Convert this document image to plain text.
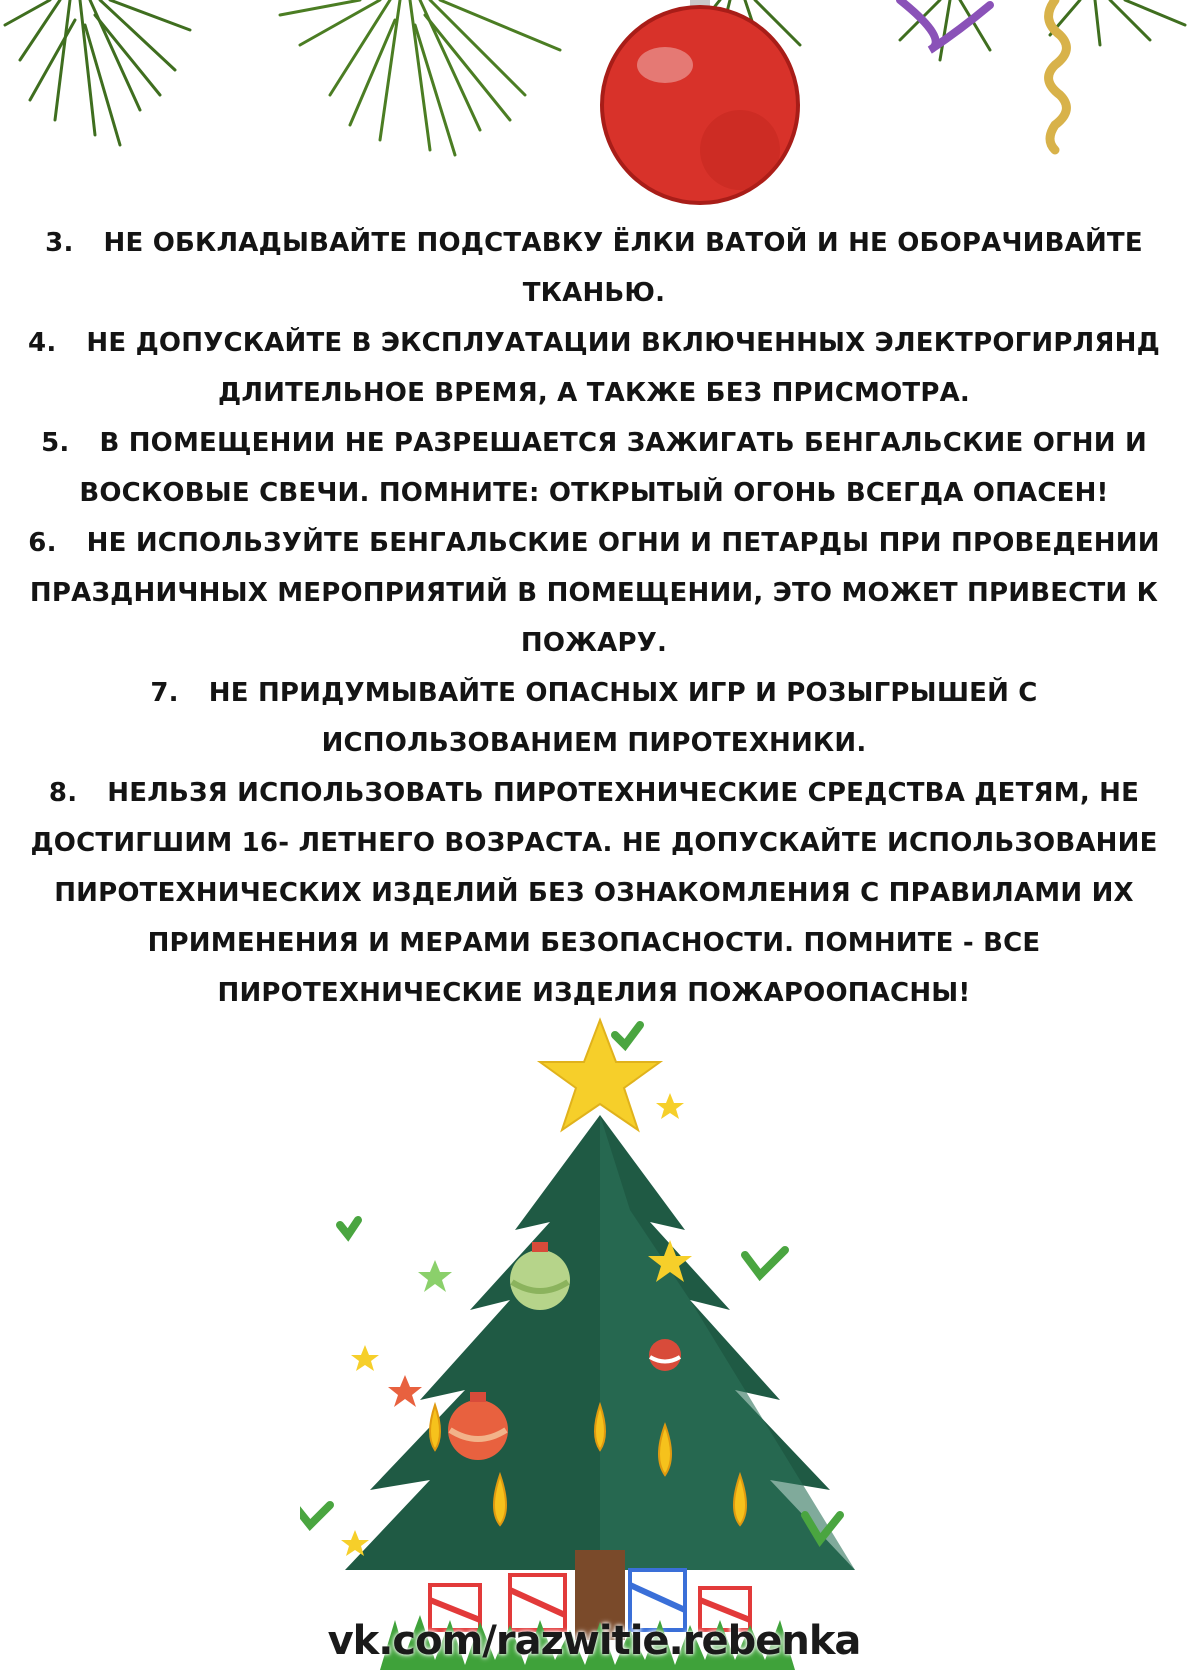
3. НЕ ОБКЛАДЫВАЙТЕ ПОДСТАВКУ ЁЛКИ ВАТОЙ И НЕ ОБОРАЧИВАЙТЕ ТКАНЬЮ.
4. НЕ ДОПУСКАЙТЕ В ЭКСПЛУАТАЦИИ ВКЛЮЧЕННЫХ ЭЛЕКТРОГИРЛЯНД ДЛИТЕЛЬНОЕ ВРЕМЯ, А ТАКЖЕ БЕЗ ПРИСМОТРА.
5. В ПОМЕЩЕНИИ НЕ РАЗРЕШАЕТСЯ ЗАЖИГАТЬ БЕНГАЛЬСКИЕ ОГНИ И ВОСКОВЫЕ СВЕЧИ. ПОМНИТЕ: ОТКРЫТЫЙ ОГОНЬ ВСЕГДА ОПАСЕН!
6. НЕ ИСПОЛЬЗУЙТЕ БЕНГАЛЬСКИЕ ОГНИ И ПЕТАРДЫ ПРИ ПРОВЕДЕНИИ ПРАЗДНИЧНЫХ МЕРОПРИЯТИЙ В ПОМЕЩЕНИИ, ЭТО МОЖЕТ ПРИВЕСТИ К ПОЖАРУ.
7. НЕ ПРИДУМЫВАЙТЕ ОПАСНЫХ ИГР И РОЗЫГРЫШЕЙ С ИСПОЛЬЗОВАНИЕМ ПИРОТЕХНИКИ.
8. НЕЛЬЗЯ ИСПОЛЬЗОВАТЬ ПИРОТЕХНИЧЕСКИЕ СРЕДСТВА ДЕТЯМ, НЕ ДОСТИГШИМ 16- ЛЕТНЕГО ВОЗРАСТА. НЕ ДОПУСКАЙТЕ ИСПОЛЬЗОВАНИЕ ПИРОТЕХНИЧЕСКИХ ИЗДЕЛИЙ БЕЗ ОЗНАКОМЛЕНИЯ С ПРАВИЛАМИ ИХ ПРИМЕНЕНИЯ И МЕРАМИ БЕЗОПАСНОСТИ. ПОМНИТЕ - ВСЕ ПИРОТЕХНИЧЕСКИЕ ИЗДЕЛИЯ ПОЖАРООПАСНЫ!
vk.com/razwitie.rebenka
